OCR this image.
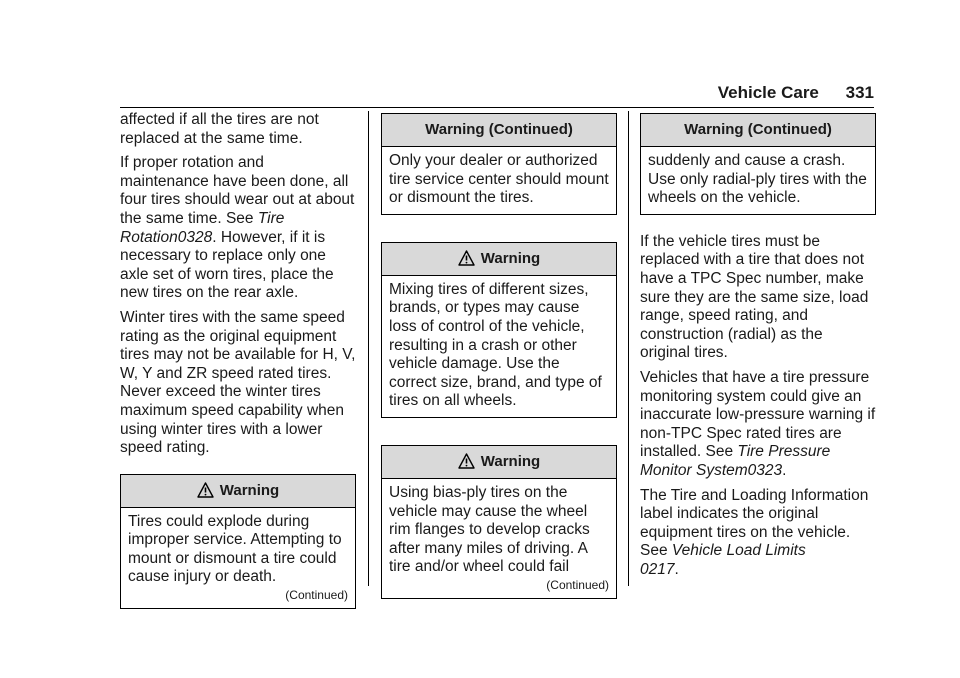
Vehicle Care 331

affected if all the tires are not replaced at the same time.

If proper rotation and maintenance have been done, all four tires should wear out at about the same time. See Tire Rotation0328. However, if it is necessary to replace only one axle set of worn tires, place the new tires on the rear axle.

Winter tires with the same speed rating as the original equipment tires may not be available for H, V, W, Y and ZR speed rated tires. Never exceed the winter tires maximum speed capability when using winter tires with a lower speed rating.

Warning

Tires could explode during improper service. Attempting to mount or dismount a tire could cause injury or death.

(Continued)
Warning (Continued)

Only your dealer or authorized tire service center should mount or dismount the tires.

Warning

Mixing tires of different sizes, brands, or types may cause loss of control of the vehicle, resulting in a crash or other vehicle damage. Use the correct size, brand, and type of tires on all wheels.

Warning

Using bias-ply tires on the vehicle may cause the wheel rim flanges to develop cracks after many miles of driving. A tire and/or wheel could fail

(Continued)
Warning (Continued)

suddenly and cause a crash. Use only radial-ply tires with the wheels on the vehicle.

If the vehicle tires must be replaced with a tire that does not have a TPC Spec number, make sure they are the same size, load range, speed rating, and construction (radial) as the original tires.

Vehicles that have a tire pressure monitoring system could give an inaccurate low-pressure warning if non-TPC Spec rated tires are installed. See Tire Pressure Monitor System0323.

The Tire and Loading Information label indicates the original equipment tires on the vehicle. See Vehicle Load Limits
0217.
